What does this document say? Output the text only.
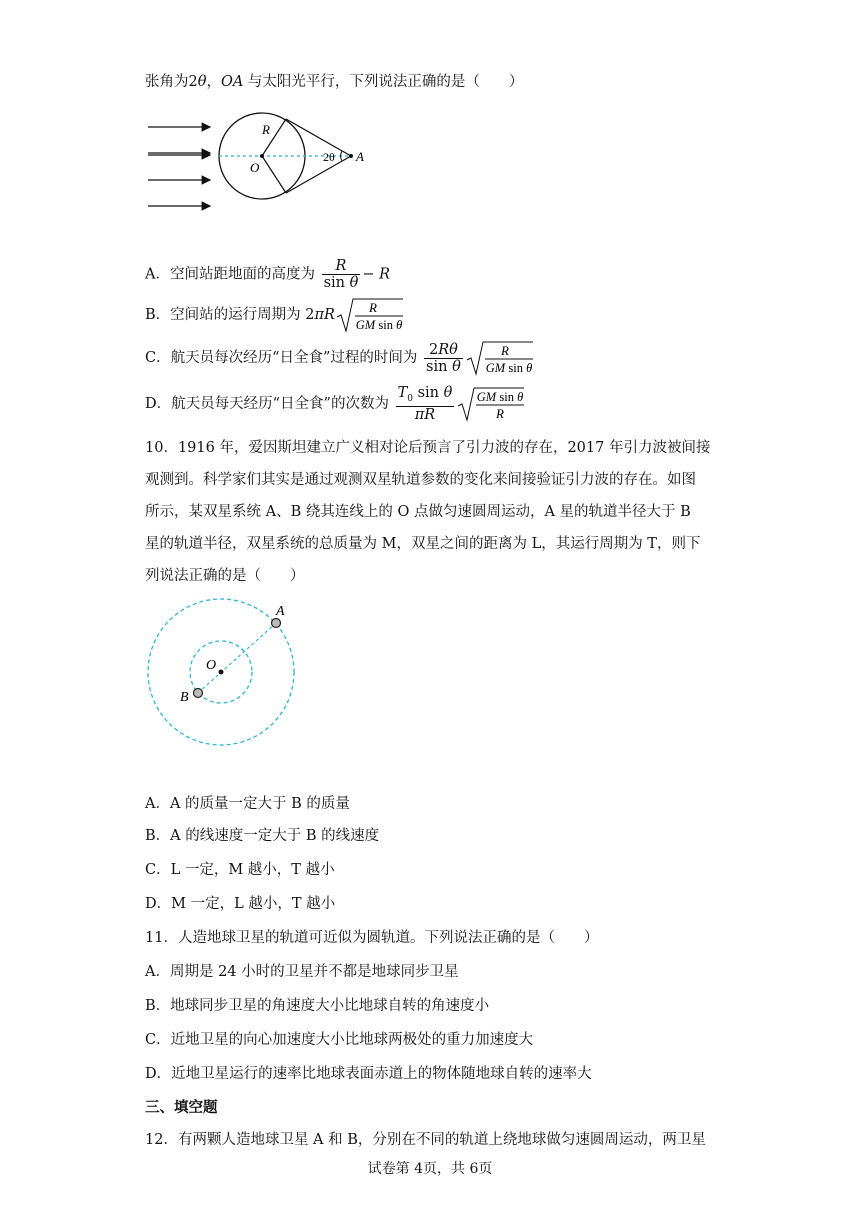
张角为2θ，OA 与太阳光平行，下列说法正确的是（　　）
R
O
2θ A
A．空间站距地面的高度为 $\frac{R}{\text{sin θ}} - R$
B．空间站的运行周期为 2πR	R
GM sin θ
C．航天员每次经历“日全食”过程的时间为 $\frac{2R\theta}{\text{sin θ}}$	R
GM sin θ
D．航天员每天经历“日全食”的次数为 $\frac{T_0 \sin \theta}{\pi R}$ GM sin θ
R
10．1916 年，爱因斯坦建立广义相对论后预言了引力波的存在，2017 年引力波被间接
观测到。科学家们其实是通过观测双星轨道参数的变化来间接验证引力波的存在。如图
所示，某双星系统 A、B 绕其连线上的 O 点做匀速圆周运动，A 星的轨道半径大于 B
星的轨道半径，双星系统的总质量为 M，双星之间的距离为 L，其运行周期为 T，则下
列说法正确的是（　　）
A
O
B
A．A 的质量一定大于 B 的质量
B．A 的线速度一定大于 B 的线速度
C．L 一定，M 越小，T 越小
D．M 一定，L 越小，T 越小
11．人造地球卫星的轨道可近似为圆轨道。下列说法正确的是（　　）
A．周期是 24 小时的卫星并不都是地球同步卫星
B．地球同步卫星的角速度大小比地球自转的角速度小
C．近地卫星的向心加速度大小比地球两极处的重力加速度大
D．近地卫星运行的速率比地球表面赤道上的物体随地球自转的速率大
三、填空题
12．有两颗人造地球卫星 A 和 B，分别在不同的轨道上绕地球做匀速圆周运动，两卫星
试卷第 4页，共 6页
